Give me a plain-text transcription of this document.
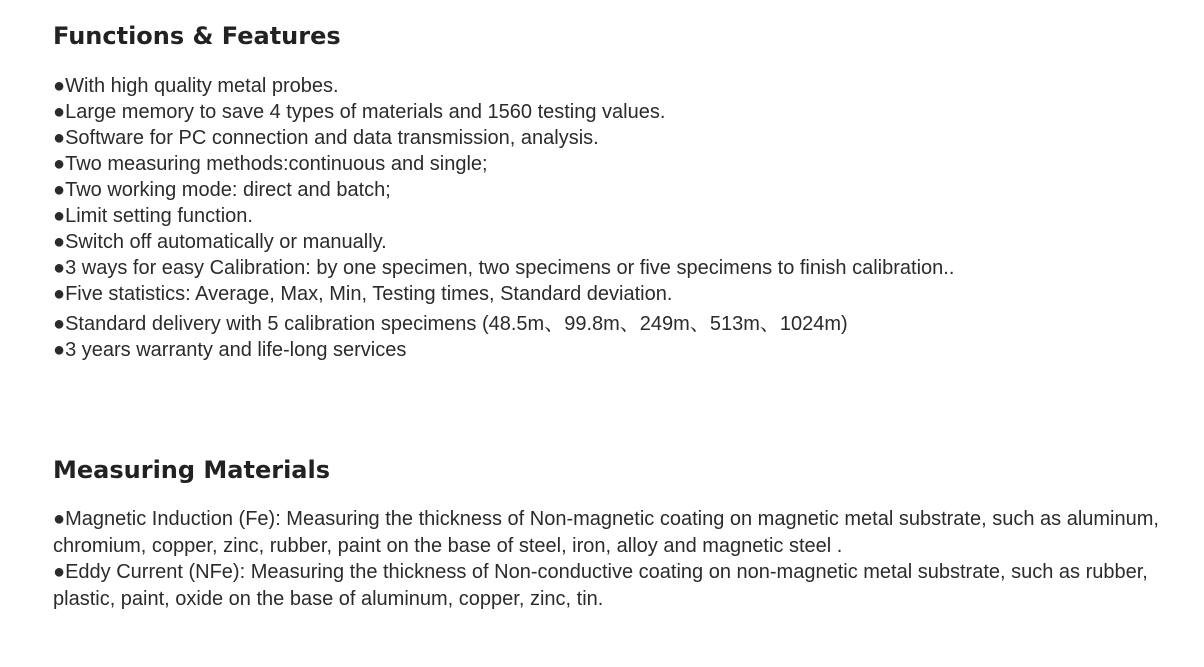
Functions & Features
●With high quality metal probes.
●Large memory to save 4 types of materials and 1560 testing values.
●Software for PC connection and data transmission, analysis.
●Two measuring methods:continuous and single;
●Two working mode: direct and batch;
●Limit setting function.
●Switch off automatically or manually.
●3 ways for easy Calibration: by one specimen, two specimens or five specimens to finish calibration..
●Five statistics: Average, Max, Min, Testing times, Standard deviation.
●Standard delivery with 5 calibration specimens (48.5m、99.8m、249m、513m、1024m)
●3 years warranty and life-long services
Measuring Materials
●Magnetic Induction (Fe): Measuring the thickness of Non-magnetic coating on magnetic metal substrate, such as aluminum, chromium, copper, zinc, rubber, paint on the base of steel, iron, alloy and magnetic steel .
●Eddy Current (NFe): Measuring the thickness of Non-conductive coating on non-magnetic metal substrate, such as rubber, plastic, paint, oxide on the base of aluminum, copper, zinc, tin.
